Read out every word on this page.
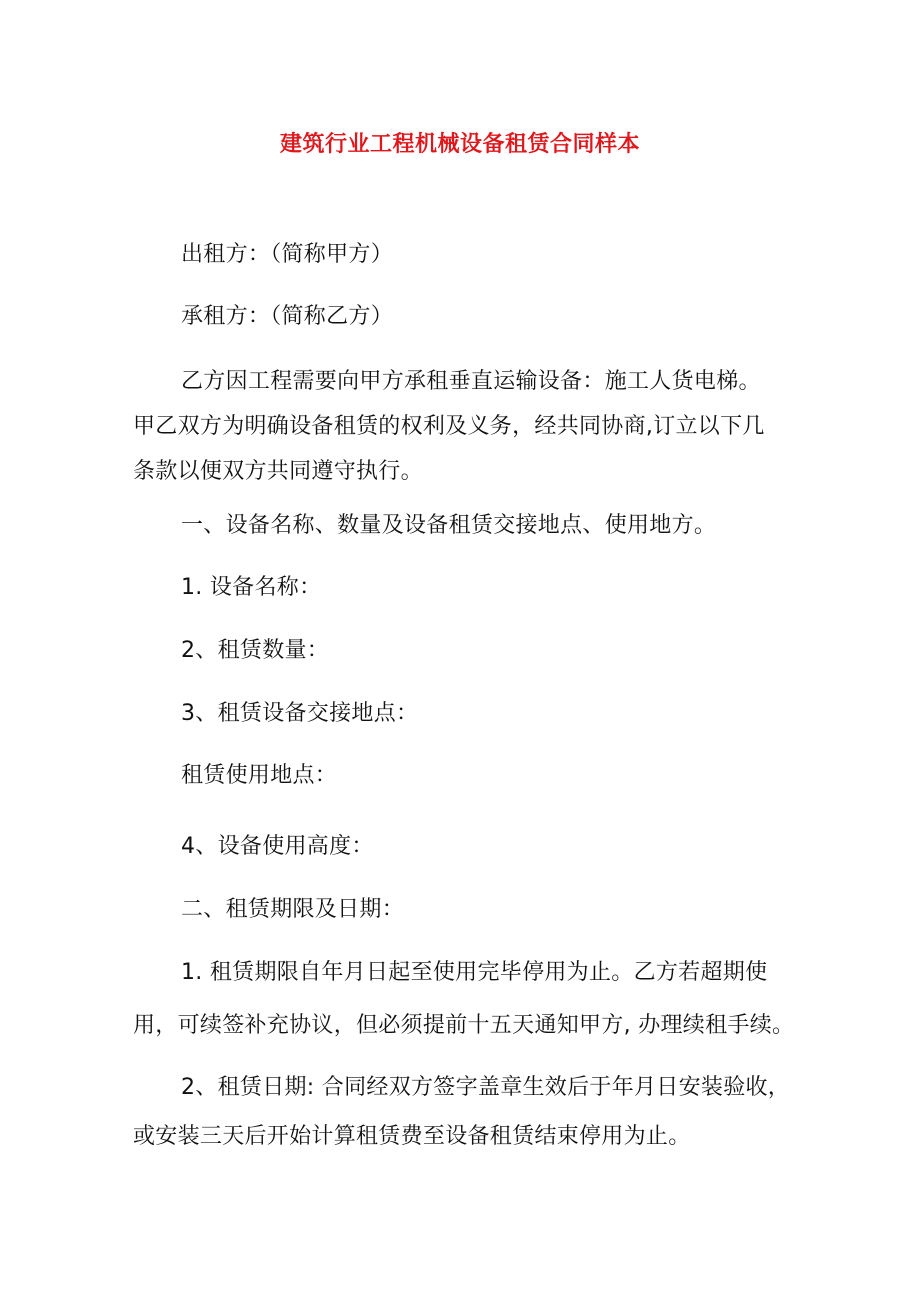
建筑行业工程机械设备租赁合同样本
出租方：（简称甲方）
承租方：（简称乙方）
乙方因工程需要向甲方承租垂直运输设备：施工人货电梯。
甲乙双方为明确设备租赁的权利及义务，经共同协商,订立以下几
条款以便双方共同遵守执行。
一、设备名称、数量及设备租赁交接地点、使用地方。
1. 设备名称：
2、租赁数量：
3、租赁设备交接地点：
租赁使用地点：
4、设备使用高度：
二、租赁期限及日期：
1. 租赁期限自年月日起至使用完毕停用为止。乙方若超期使
用，可续签补充协议，但必须提前十五天通知甲方, 办理续租手续。
2、租赁日期: 合同经双方签字盖章生效后于年月日安装验收，
或安装三天后开始计算租赁费至设备租赁结束停用为止。
